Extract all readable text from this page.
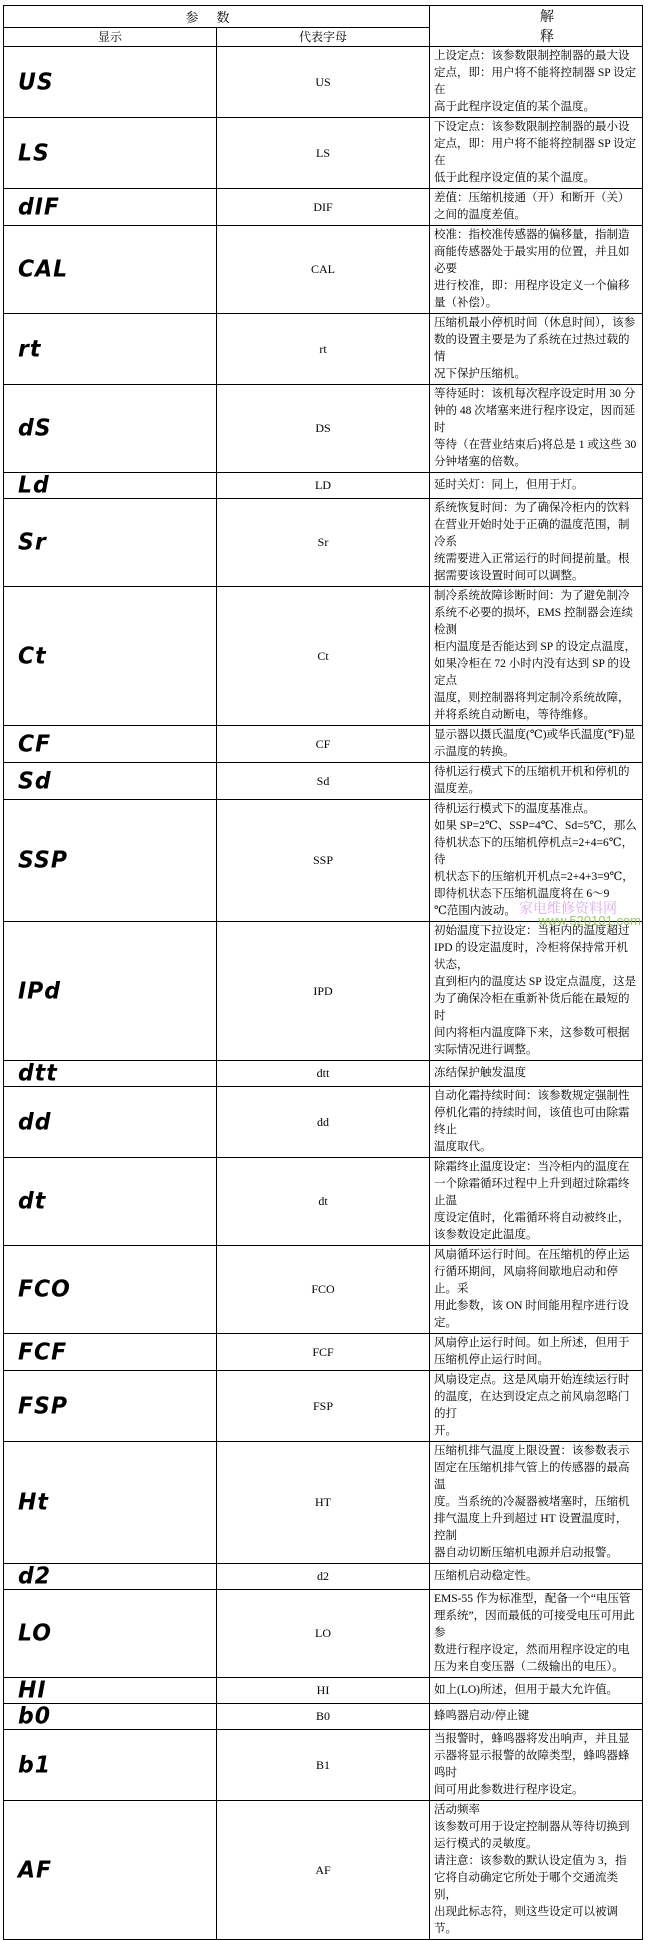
参数		解释
显示	代表字母	
US	US	上设定点：该参数限制控制器的最大设定点，即：用户将不能将控制器 SP 设定在
高于此程序设定值的某个温度。

LS	LS	下设定点：该参数限制控制器的最小设定点，即：用户将不能将控制器 SP 设定在
低于此程序设定值的某个温度。

dIF	DIF	差值：压缩机接通（开）和断开（关）之间的温度差值。

CAL	CAL	校准：指校准传感器的偏移量，指制造商能传感器处于最实用的位置，并且如必要
进行校准，即：用程序设定义一个偏移量（补偿）。

rt	rt	压缩机最小停机时间（休息时间），该参数的设置主要是为了系统在过热过载的情
况下保护压缩机。

dS	DS	等待延时：该机每次程序设定时用 30 分钟的 48 次堵塞来进行程序设定，因而延时
等待（在营业结束后)将总是 1 或这些 30 分钟堵塞的倍数。

Ld	LD	延时关灯：同上，但用于灯。

Sr	Sr	系统恢复时间：为了确保冷柜内的饮料在营业开始时处于正确的温度范围，制冷系
统需要进入正常运行的时间提前量。根据需要该设置时间可以调整。

Ct	Ct	制冷系统故障诊断时间：为了避免制冷系统不必要的损坏，EMS 控制器会连续检测
柜内温度是否能达到 SP 的设定点温度，如果冷柜在 72 小时内没有达到 SP 的设定点
温度，则控制器将判定制冷系统故障，并将系统自动断电，等待维修。

CF	CF	显示器以摄氏温度(℃)或华氏温度(℉)显示温度的转换。

Sd	Sd	待机运行模式下的压缩机开机和停机的温度差。

SSP	SSP	待机运行模式下的温度基准点。
如果 SP=2℃、SSP=4℃、Sd=5℃，那么待机状态下的压缩机停机点=2+4=6℃，待
机状态下的压缩机开机点=2+4+3=9℃，即待机状态下压缩机温度将在 6～9
℃范围内波动。

IPd	IPD	初始温度下拉设定：当柜内的温度超过 IPD 的设定温度时，冷柜将保持常开机状态，
直到柜内的温度达 SP 设定点温度，这是为了确保冷柜在重新补货后能在最短的时
间内将柜内温度降下来，这参数可根据实际情况进行调整。

dtt	dtt	冻结保护触发温度

dd	dd	自动化霜持续时间：该参数规定强制性停机化霜的持续时间，该值也可由除霜终止
温度取代。

dt	dt	除霜终止温度设定：当冷柜内的温度在一个除霜循环过程中上升到超过除霜终止温
度设定值时，化霜循环将自动被终止，该参数设定此温度。

FCO	FCO	风扇循环运行时间。在压缩机的停止运行循环期间，风扇将间歇地启动和停止。采
用此参数，该 ON 时间能用程序进行设定。

FCF	FCF	风扇停止运行时间。如上所述，但用于压缩机停止运行时间。

FSP	FSP	风扇设定点。这是风扇开始连续运行时的温度，在达到设定点之前风扇忽略门的打
开。

Ht	HT	压缩机排气温度上限设置：该参数表示固定在压缩机排气管上的传感器的最高温
度。当系统的冷凝器被堵塞时，压缩机排气温度上升到超过 HT 设置温度时，控制
器自动切断压缩机电源并启动报警。

d2	d2	压缩机启动稳定性。

LO	LO	EMS-55 作为标准型，配备一个“电压管理系统”，因而最低的可接受电压可用此参
数进行程序设定，然而用程序设定的电压为来自变压器（二级输出的电压）。

HI	HI	如上(LO)所述，但用于最大允许值。

b0	B0	蜂鸣器启动/停止键

b1	B1	当报警时，蜂鸣器将发出响声，并且显示器将显示报警的故障类型，蜂鸣器蜂鸣时
间可用此参数进行程序设定。

AF	AF	活动频率
该参数可用于设定控制器从等待切换到运行模式的灵敏度。
请注意：该参数的默认设定值为 3，指它将自动确定它所处于哪个交通流类别，
出现此标志符，则这些设定可以被调节。
家电维修资料网
www.520101.com
